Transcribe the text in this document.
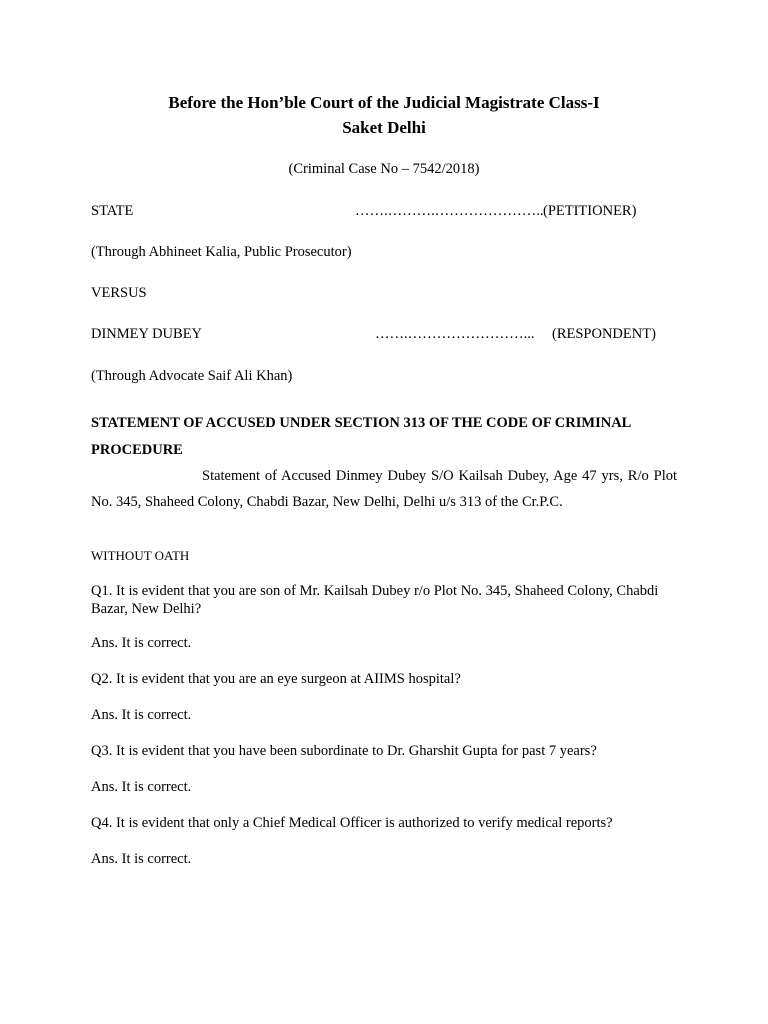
Before the Hon’ble Court of the Judicial Magistrate Class-I
Saket Delhi
(Criminal Case No – 7542/2018)
STATE	…….……….………………….. (PETITIONER)
(Through Abhineet Kalia, Public Prosecutor)
VERSUS
DINMEY DUBEY	…….……………………... (RESPONDENT)
(Through Advocate Saif Ali Khan)
STATEMENT OF ACCUSED UNDER SECTION 313 OF THE CODE OF CRIMINAL
PROCEDURE
Statement of Accused Dinmey Dubey S/O Kailsah Dubey, Age 47 yrs, R/o Plot No. 345, Shaheed Colony, Chabdi Bazar, New Delhi, Delhi u/s 313 of the Cr.P.C.
WITHOUT OATH
Q1. It is evident that you are son of Mr. Kailsah Dubey r/o Plot No. 345, Shaheed Colony, Chabdi Bazar, New Delhi?
Ans. It is correct.
Q2. It is evident that you are an eye surgeon at AIIMS hospital?
Ans. It is correct.
Q3. It is evident that you have been subordinate to Dr. Gharshit Gupta for past 7 years?
Ans. It is correct.
Q4. It is evident that only a Chief Medical Officer is authorized to verify medical reports?
Ans. It is correct.
